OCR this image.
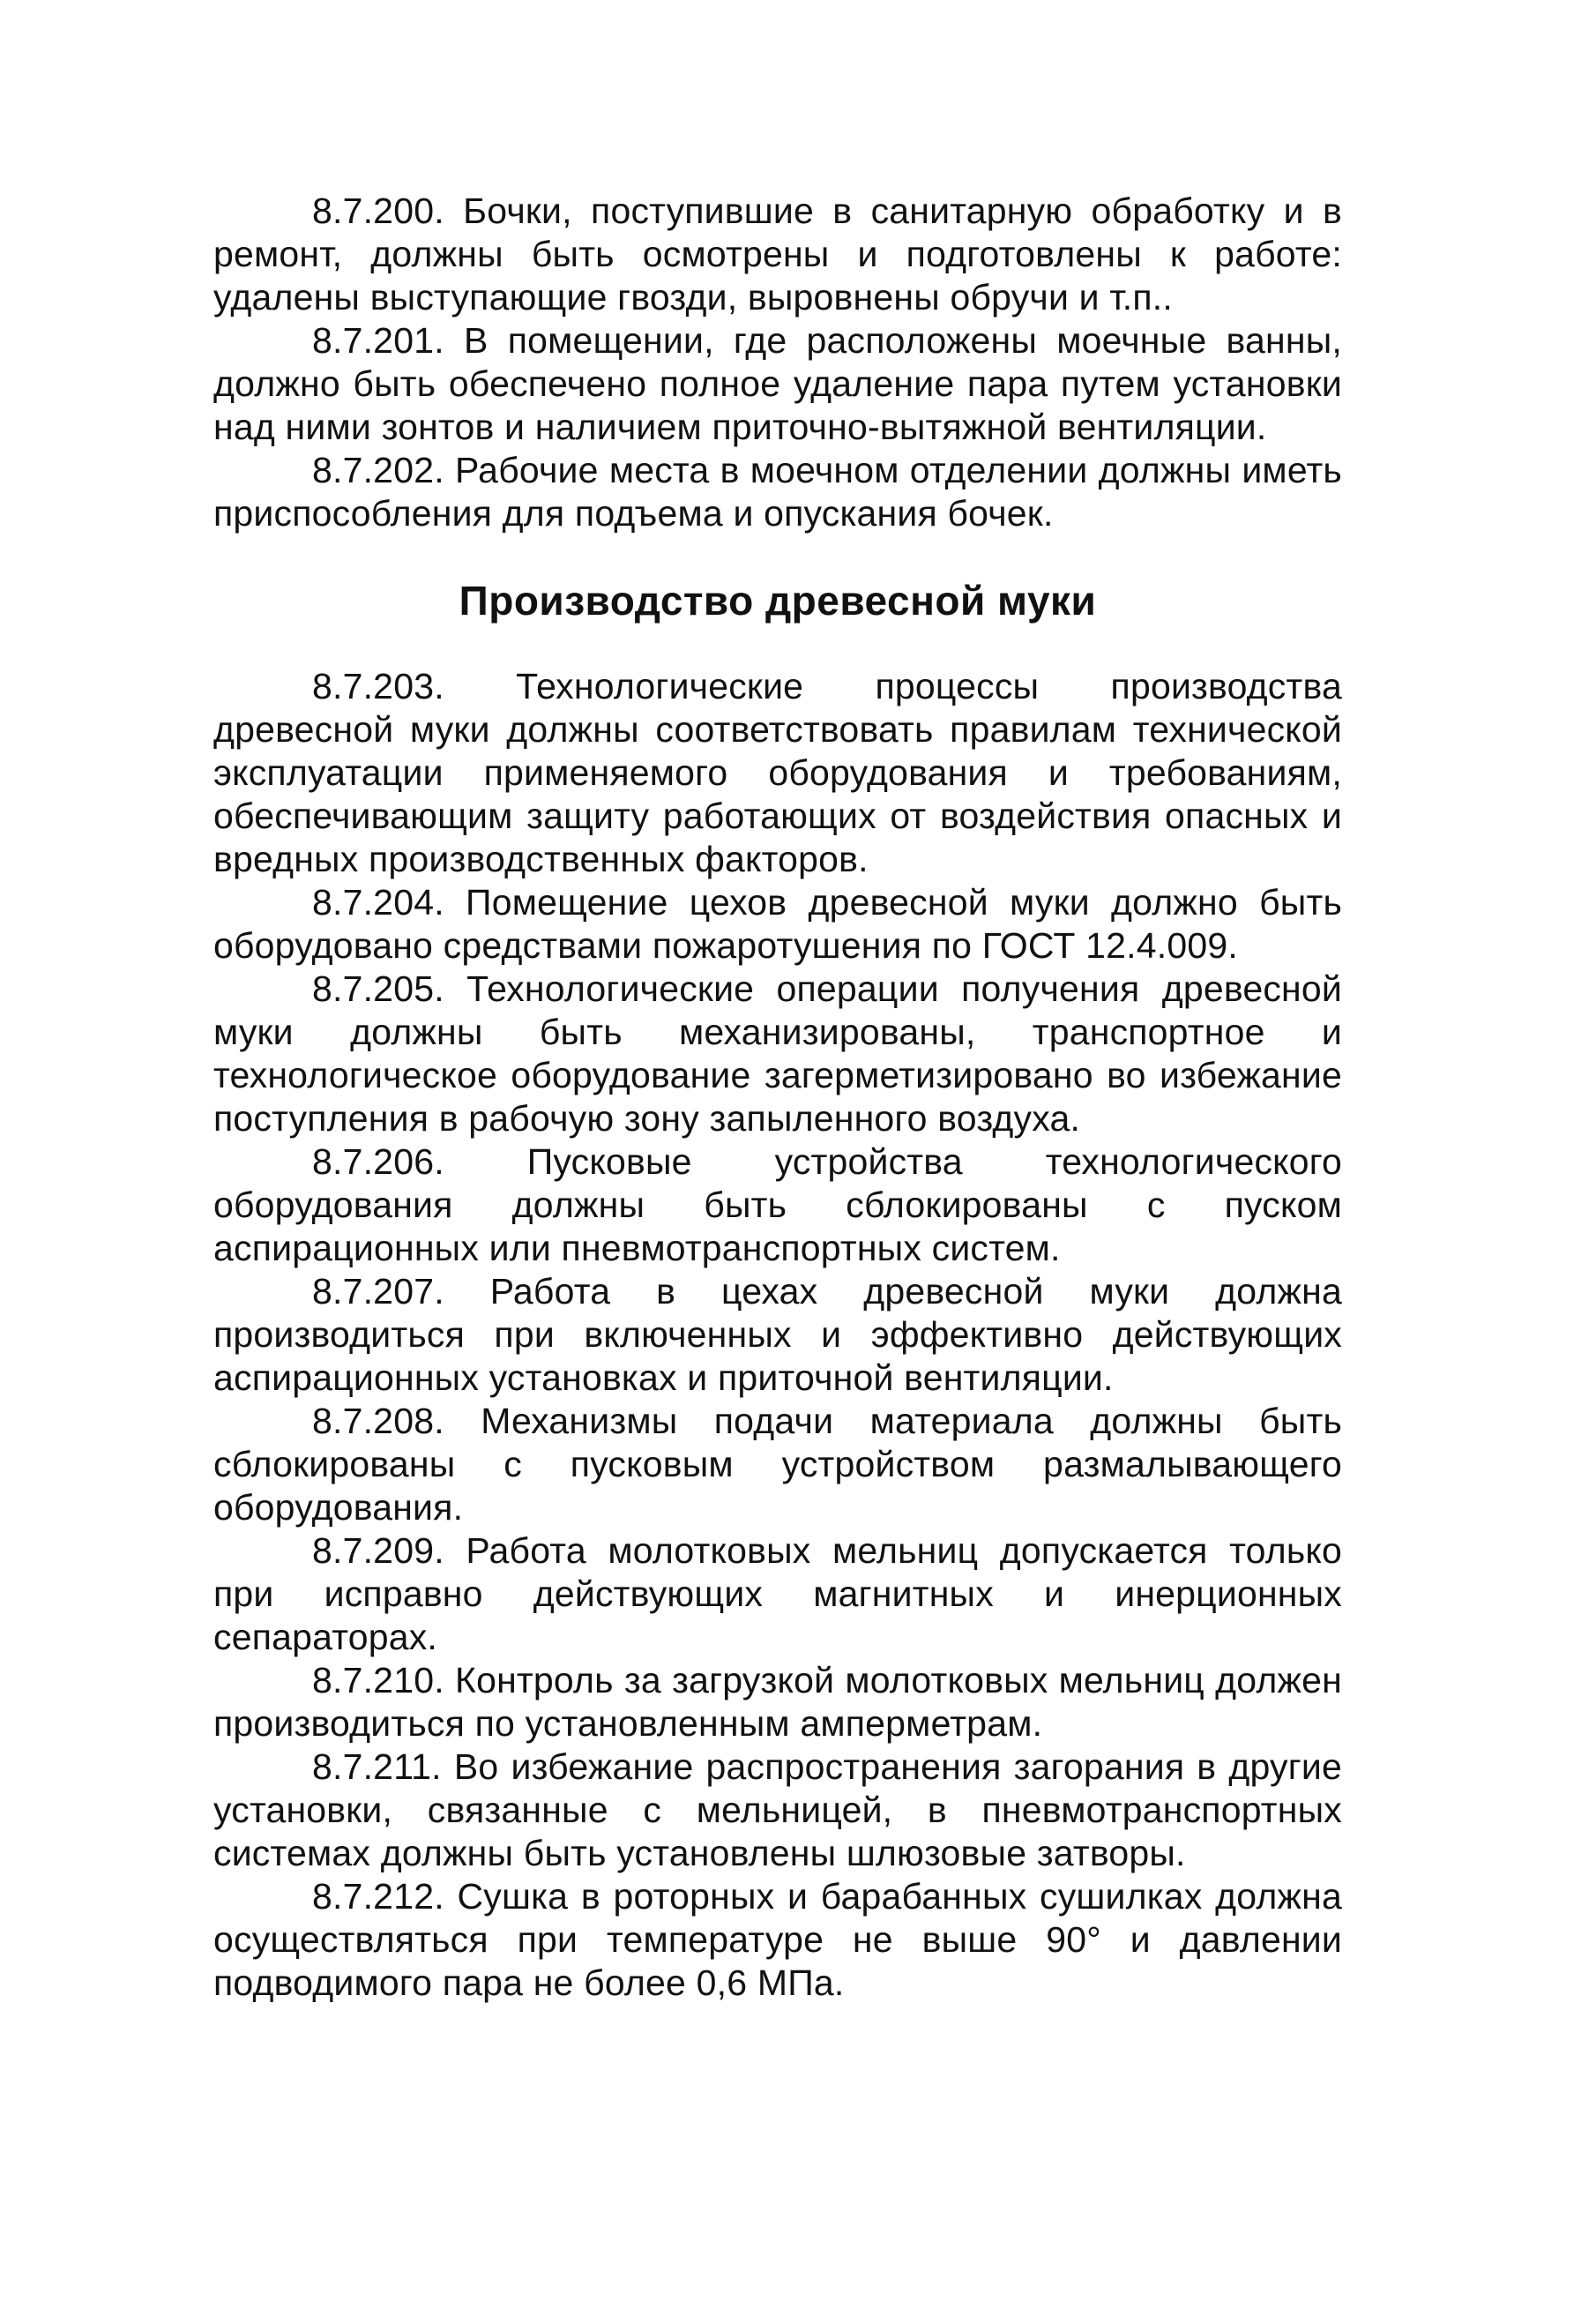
8.7.200. Бочки, поступившие в санитарную обработку и в ремонт, должны быть осмотрены и подготовлены к работе: удалены выступающие гвозди, выровнены обручи и т.п..

8.7.201. В помещении, где расположены моечные ванны, должно быть обеспечено полное удаление пара путем установки над ними зонтов и наличием приточно-вытяжной вентиляции.

8.7.202. Рабочие места в моечном отделении должны иметь приспособления для подъема и опускания бочек.

Производство древесной муки

8.7.203. Технологические процессы производства древесной муки должны соответствовать правилам технической эксплуатации применяемого оборудования и требованиям, обеспечивающим защиту работающих от воздействия опасных и вредных производственных факторов.

8.7.204. Помещение цехов древесной муки должно быть оборудовано средствами пожаротушения по ГОСТ 12.4.009.

8.7.205. Технологические операции получения древесной муки должны быть механизированы, транспортное и технологическое оборудование загерметизировано во избежание поступления в рабочую зону запыленного воздуха.

8.7.206. Пусковые устройства технологического оборудования должны быть сблокированы с пуском аспирационных или пневмотранспортных систем.

8.7.207. Работа в цехах древесной муки должна производиться при включенных и эффективно действующих аспирационных установках и приточной вентиляции.

8.7.208. Механизмы подачи материала должны быть сблокированы с пусковым устройством размалывающего оборудования.

8.7.209. Работа молотковых мельниц допускается только при исправно действующих магнитных и инерционных сепараторах.

8.7.210. Контроль за загрузкой молотковых мельниц должен производиться по установленным амперметрам.

8.7.211. Во избежание распространения загорания в другие установки, связанные с мельницей, в пневмотранспортных системах должны быть установлены шлюзовые затворы.

8.7.212. Сушка в роторных и барабанных сушилках должна осуществляться при температуре не выше 90° и давлении подводимого пара не более 0,6 МПа.
